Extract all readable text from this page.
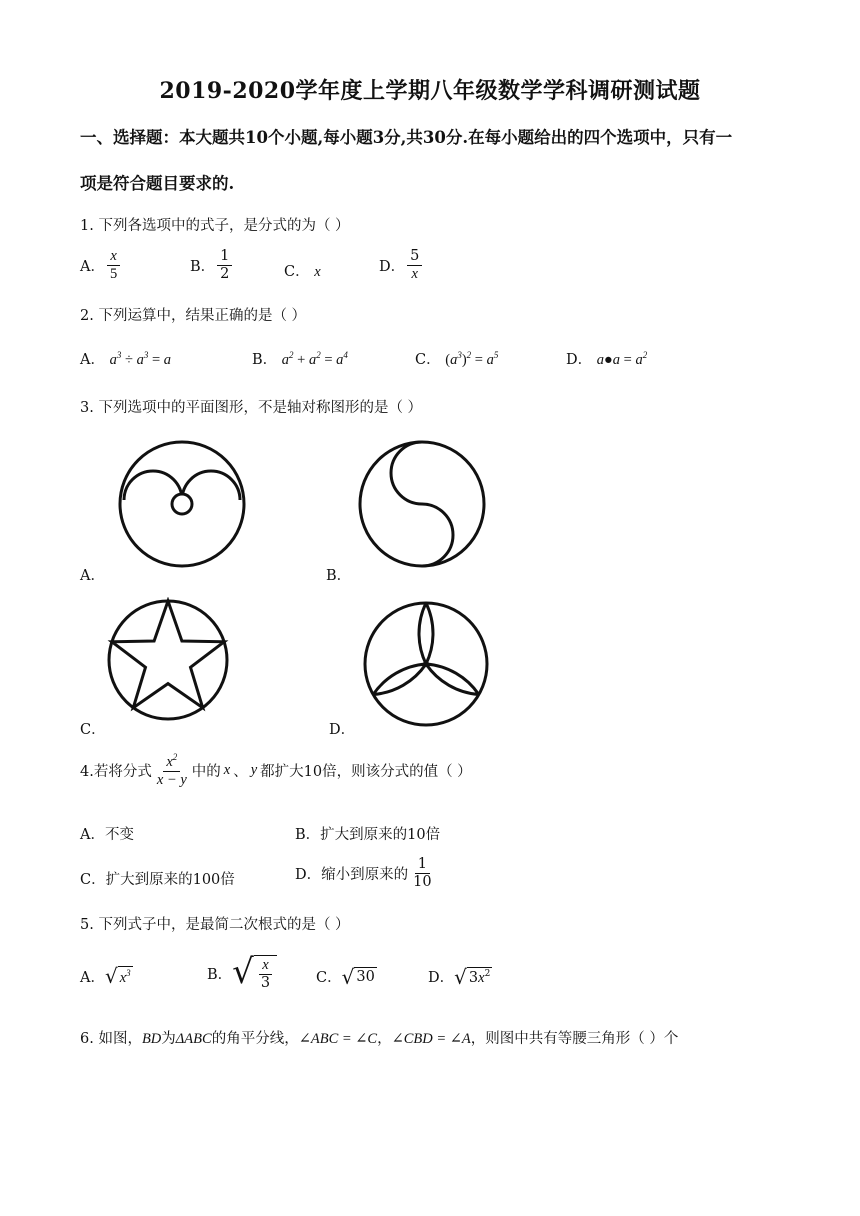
2019-2020学年度上学期八年级数学学科调研测试题
一、选择题：本大题共10个小题,每小题3分,共30分.在每小题给出的四个选项中，只有一
项是符合题目要求的.
1. 下列各选项中的式子，是分式的为（ ）
A． $\frac{x}{5}$	B． $\frac{1}{2}$	C． x	D． $\frac{5}{x}$
2. 下列运算中，结果正确的是（ ）
A． $a^3 \div a^3 = a$	B． $a^2 + a^2 = a^4$	C． $(a^3)^2 = a^5$	D． a●a = $a^2$
3. 下列选项中的平面图形，不是轴对称图形的是（ ）
A．	B．
C．	D．
4.若将分式 $\frac{x^2}{x - y}$ 中的 x 、 y 都扩大10倍，则该分式的值（ ）
A．不变	B．扩大到原来的10倍
C．扩大到原来的100倍	D．缩小到原来的 $\frac{1}{10}$
5. 下列式子中，是最简二次根式的是（ ）
A． √ $x^3$	B． √ $\frac{x}{3}$	C． √ 30	D． √ $3x^2$
6. 如图，BD为ΔABC的角平分线，∠ABC = ∠C，∠CBD = ∠A，则图中共有等腰三角形（ ）个
